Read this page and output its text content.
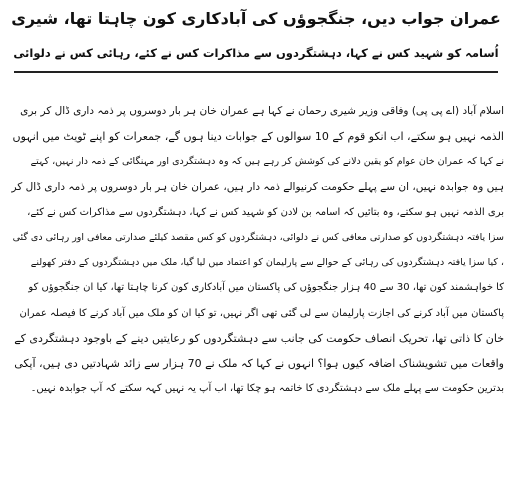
عمران جواب دیں، جنگجوؤں کی آبادکاری کون چاہتا تھا، شیری
اُسامہ کو شہید کس نے کہا، دہشتگردوں سے مذاکرات کس نے کئے، رہائی کس نے دلوائی
اسلام آباد (اے پی پی) وفاقی وزیر شیری رحمان نے کہا ہے عمران خان ہر بار دوسروں پر ذمہ داری ڈال کر بری
الذمہ نہیں ہو سکتے، اب انکو قوم کے 10 سوالوں کے جوابات دینا ہوں گے، جمعرات کو اپنے ٹویٹ میں انہوں
نے کہا کہ عمران خان عوام کو یقین دلانے کی کوشش کر رہے ہیں کہ وہ دہشتگردی اور مہنگائی کے ذمہ دار نہیں، کہتے
ہیں وہ جوابدہ نہیں، ان سے پہلے حکومت کرنیوالے ذمہ دار ہیں، عمران خان ہر بار دوسروں پر ذمہ داری ڈال کر
بری الذمہ نہیں ہو سکتے، وہ بتائیں کہ اسامہ بن لادن کو شہید کس نے کہا، دہشتگردوں سے مذاکرات کس نے کئے،
سزا یافتہ دہشتگردوں کو صدارتی معافی کس نے دلوائی، دہشتگردوں کو کس مقصد کیلئے صدارتی معافی اور رہائی دی گئی
، کیا سزا یافتہ دہشتگردوں کی رہائی کے حوالے سے پارلیمان کو اعتماد میں لیا گیا، ملک میں دہشتگردوں کے دفتر کھولنے
کا خواہشمند کون تھا، 30 سے 40 ہزار جنگجوؤں کی پاکستان میں آبادکاری کون کرنا چاہتا تھا، کیا ان جنگجوؤں کو
پاکستان میں آباد کرنے کی اجازت پارلیمان سے لی گئی تھی اگر نہیں، تو کیا ان کو ملک میں آباد کرنے کا فیصلہ عمران
خان کا ذاتی تھا، تحریک انصاف حکومت کی جانب سے دہشتگردوں کو رعایتیں دینے کے باوجود دہشتگردی کے
واقعات میں تشویشناک اضافہ کیوں ہوا؟ انہوں نے کہا کہ ملک نے 70 ہزار سے زائد شہادتیں دی ہیں، آپکی
بدترین حکومت سے پہلے ملک سے دہشتگردی کا خاتمہ ہو چکا تھا، اب آپ یہ نہیں کہہ سکتے کہ آپ جوابدہ نہیں۔
